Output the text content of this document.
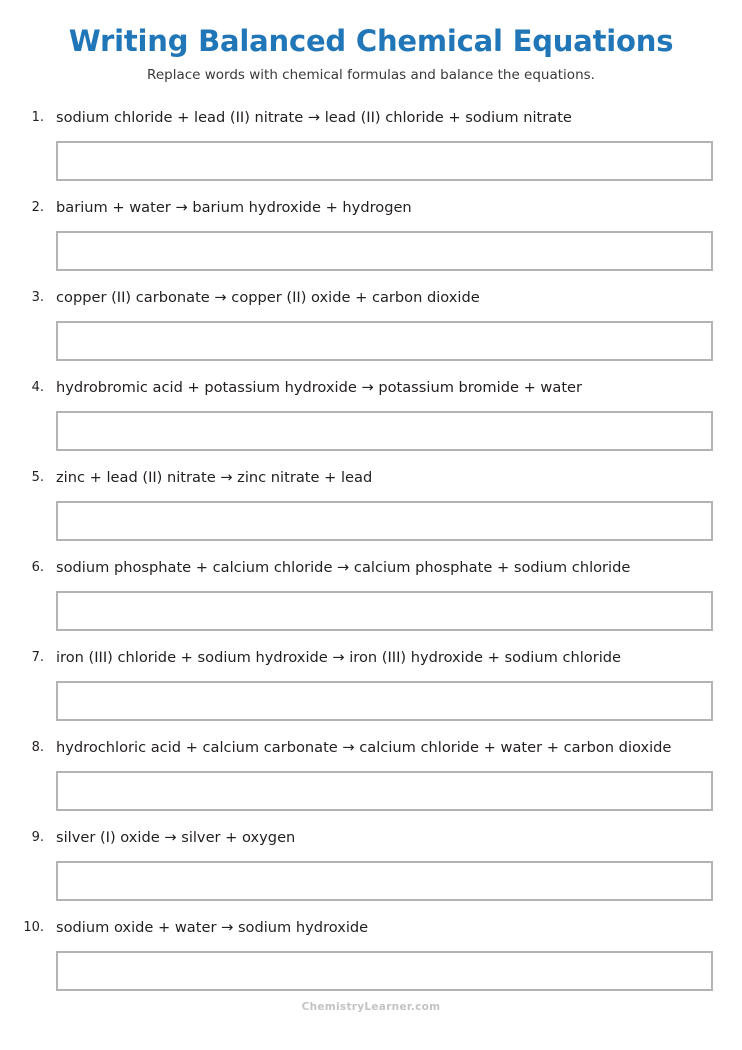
Writing Balanced Chemical Equations

Replace words with chemical formulas and balance the equations.

1. sodium chloride + lead (II) nitrate → lead (II) chloride + sodium nitrate
2. barium + water → barium hydroxide + hydrogen
3. copper (II) carbonate → copper (II) oxide + carbon dioxide
4. hydrobromic acid + potassium hydroxide → potassium bromide + water
5. zinc + lead (II) nitrate → zinc nitrate + lead
6. sodium phosphate + calcium chloride → calcium phosphate + sodium chloride
7. iron (III) chloride + sodium hydroxide → iron (III) hydroxide + sodium chloride
8. hydrochloric acid + calcium carbonate → calcium chloride + water + carbon dioxide
9. silver (I) oxide → silver + oxygen
10. sodium oxide + water → sodium hydroxide
ChemistryLearner.com
